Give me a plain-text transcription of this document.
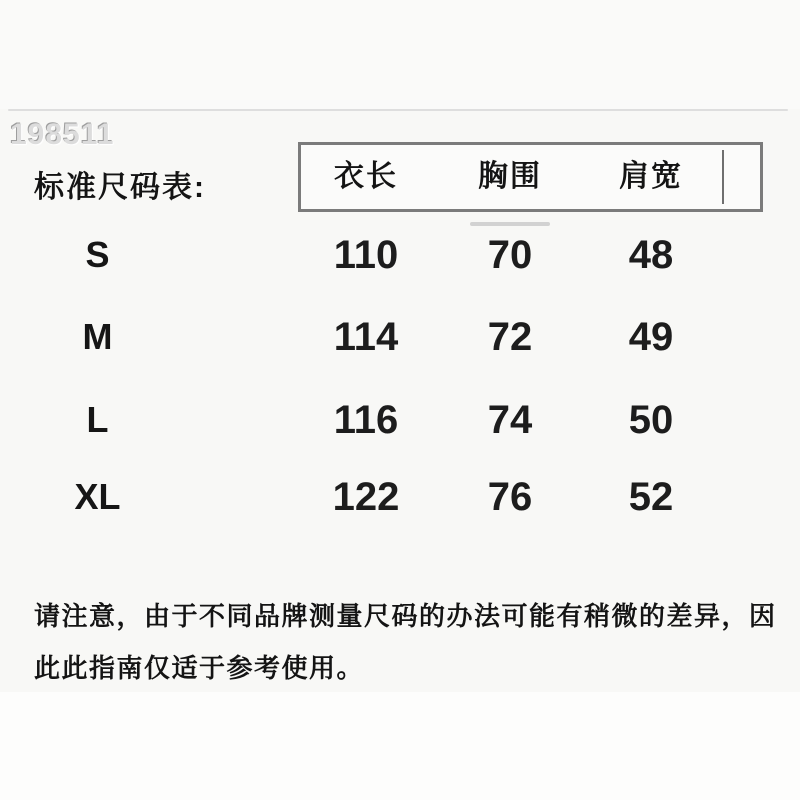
198511
标准尺码表:	衣长	胸围	肩宽
S	110	70	48
M	114	72	49
L	116	74	50
XL	122	76	52
请注意，由于不同品牌测量尺码的办法可能有稍微的差异，因
此此指南仅适于参考使用。
